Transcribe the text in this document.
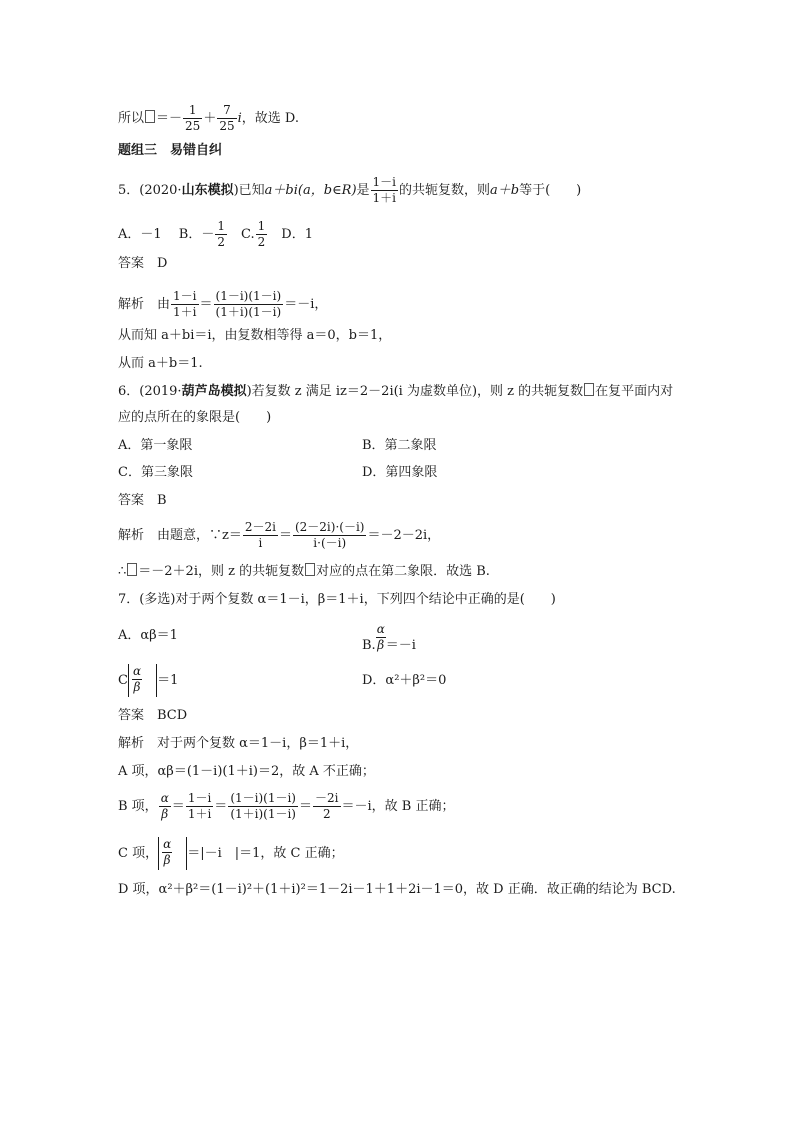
所以 ＝－ $\frac{1}{25} + \frac{7}{25}$ i，故选 D.
题组三　易错自纠
5．(2020·山东模拟)已知a＋bi(a，b∈R)是 $\frac{1-i}{1+i}$ 的共轭复数，则a＋b等于(　　)
A．－1　 B．－ $\frac{1}{2}$ 　C. $\frac{1}{2}$ 　D．1
答案　D
解析　由 $\frac{1-i}{1+i} = \frac{(1-i)(1-i)}{(1+i)(1-i)} =-i$，
从而知 a＋bi＝i，由复数相等得 a＝0，b＝1，
从而 a＋b＝1.
6．(2019·葫芦岛模拟)若复数 z 满足 iz＝2－2i(i 为虚数单位)，则 z 的共轭复数 在复平面内对
应的点所在的象限是(　　)
A．第一象限	B．第二象限
C．第三象限	D．第四象限
答案　B
解析　由题意，∵z＝ $\frac{2-2i}{i} = \frac{(2-2i)\cdot(-i)}{i\cdot(-i)} =-2-2i$，
∴ ＝－2＋2i，则 z 的共轭复数 对应的点在第二象限．故选 B.
7．(多选)对于两个复数 α＝1－i，β＝1＋i，下列四个结论中正确的是(　　)
A．αβ＝1
B. $\frac{\alpha}{\beta} =-i$
C $\frac{\alpha}{\beta} =1$	D．α²＋β²＝0
答案　BCD
解析　对于两个复数 α＝1－i，β＝1＋i，
A 项，αβ＝(1－i)(1＋i)＝2，故 A 不正确；
B 项， $\frac{\alpha}{\beta} = \frac{1-i}{1+i} = \frac{(1-i)(1-i)}{(1+i)(1-i)} = \frac{-2i}{2} =-i$，故 B 正确；
C 项， $\frac{\alpha}{\beta} =|-i$　|＝1，故 C 正确；
D 项，α²＋β²＝(1－i)²＋(1＋i)²＝1－2i－1＋1＋2i－1＝0，故 D 正确．故正确的结论为 BCD.
